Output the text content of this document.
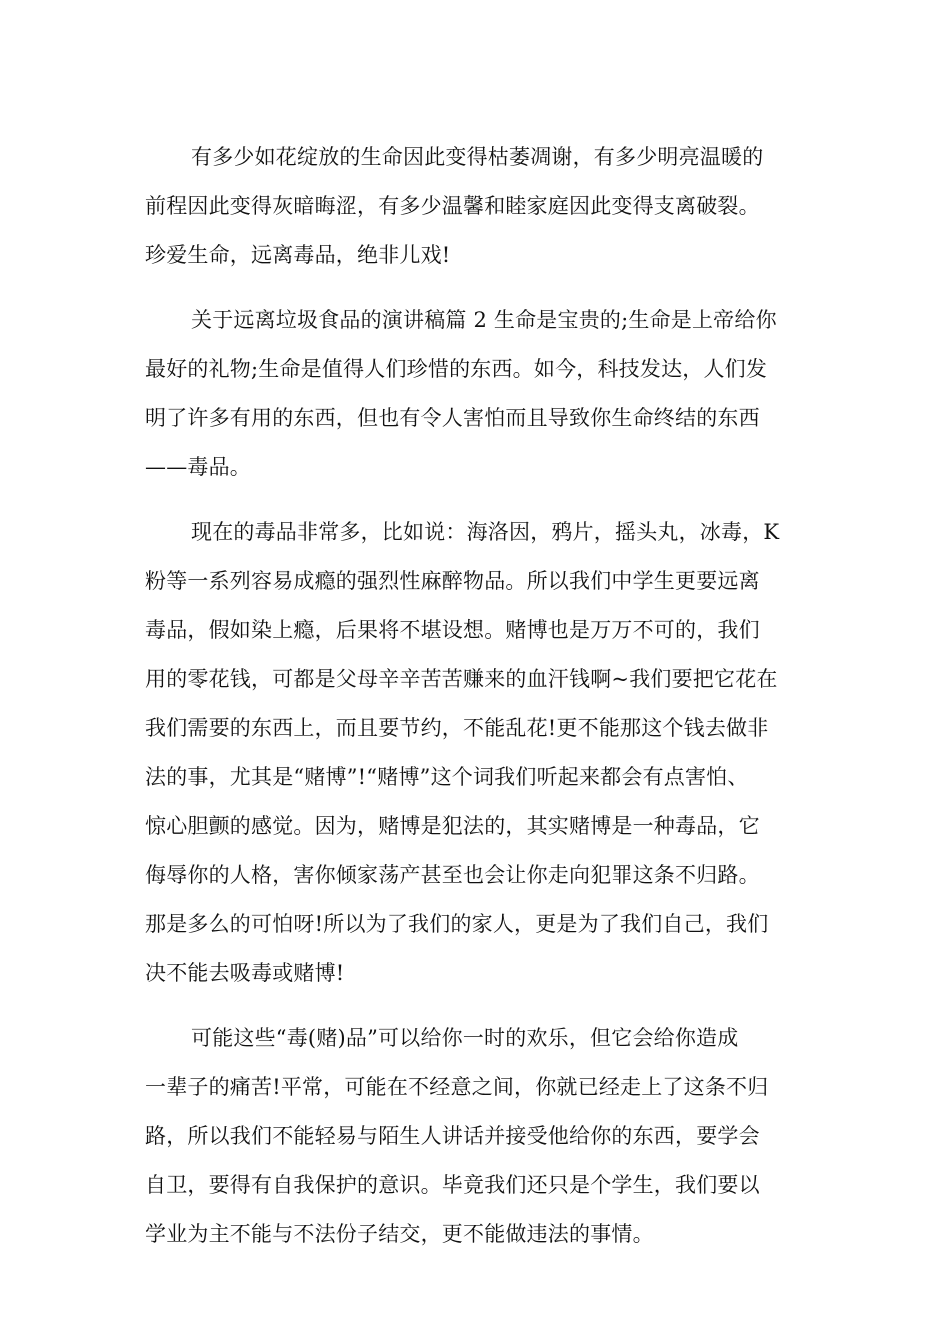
有多少如花绽放的生命因此变得枯萎凋谢，有多少明亮温暖的
前程因此变得灰暗晦涩，有多少温馨和睦家庭因此变得支离破裂。
珍爱生命，远离毒品，绝非儿戏!
关于远离垃圾食品的演讲稿篇 2 生命是宝贵的;生命是上帝给你
最好的礼物;生命是值得人们珍惜的东西。如今，科技发达，人们发
明了许多有用的东西，但也有令人害怕而且导致你生命终结的东西
——毒品。
现在的毒品非常多，比如说：海洛因，鸦片，摇头丸，冰毒，K
粉等一系列容易成瘾的强烈性麻醉物品。所以我们中学生更要远离
毒品，假如染上瘾，后果将不堪设想。赌博也是万万不可的，我们
用的零花钱，可都是父母辛辛苦苦赚来的血汗钱啊~我们要把它花在
我们需要的东西上，而且要节约，不能乱花!更不能那这个钱去做非
法的事，尤其是“赌博”!“赌博”这个词我们听起来都会有点害怕、
惊心胆颤的感觉。因为，赌博是犯法的，其实赌博是一种毒品，它
侮辱你的人格，害你倾家荡产甚至也会让你走向犯罪这条不归路。
那是多么的可怕呀!所以为了我们的家人，更是为了我们自己，我们
决不能去吸毒或赌博!
可能这些“毒(赌)品”可以给你一时的欢乐，但它会给你造成
一辈子的痛苦!平常，可能在不经意之间，你就已经走上了这条不归
路，所以我们不能轻易与陌生人讲话并接受他给你的东西，要学会
自卫，要得有自我保护的意识。毕竟我们还只是个学生，我们要以
学业为主不能与不法份子结交，更不能做违法的事情。
